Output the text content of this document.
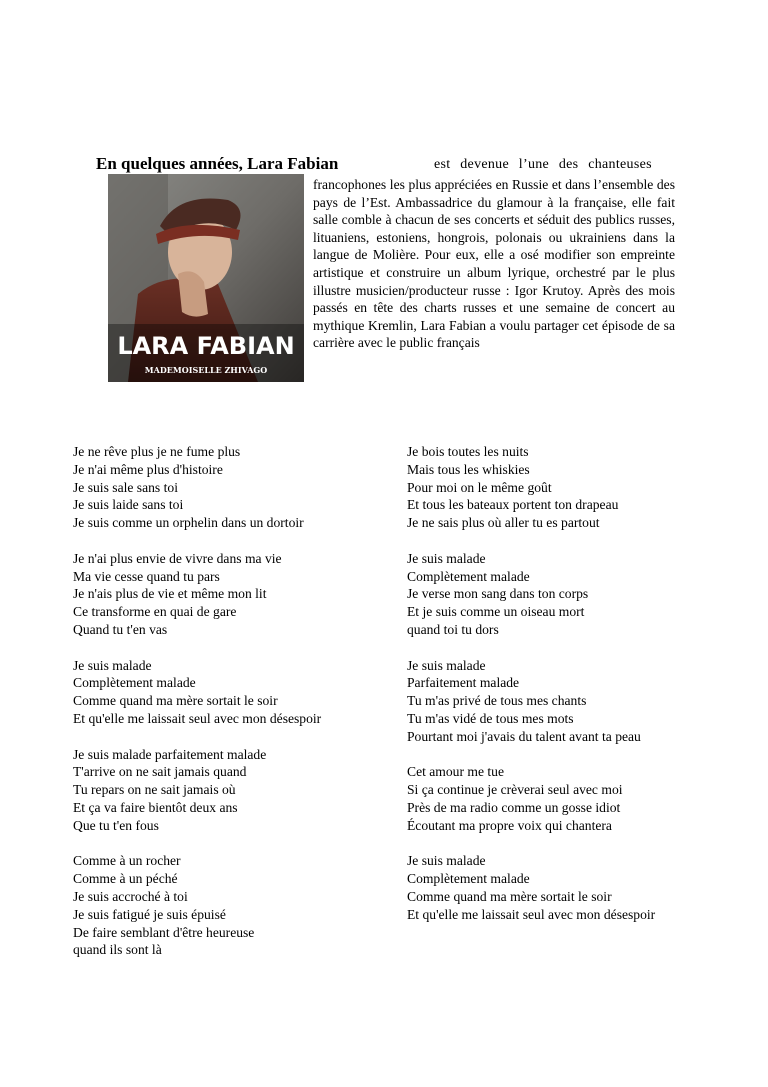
En quelques années, Lara Fabian	est devenue l’une des chanteuses
LARA FABIAN
MADEMOISELLE ZHIVAGO
francophones les plus appréciées en Russie et dans l’ensemble des pays de l’Est. Ambassadrice du glamour à la française, elle fait salle comble à chacun de ses concerts et séduit des publics russes, lituaniens, estoniens, hongrois, polonais ou ukrainiens dans la langue de Molière. Pour eux, elle a osé modifier son empreinte artistique et construire un album lyrique, orchestré par le plus illustre musicien/producteur russe : Igor Krutoy. Après des mois passés en tête des charts russes et une semaine de concert au mythique Kremlin, Lara Fabian a voulu partager cet épisode de sa carrière avec le public français
Je ne rêve plus je ne fume plus
Je n'ai même plus d'histoire
Je suis sale sans toi
Je suis laide sans toi
Je suis comme un orphelin dans un dortoir
Je n'ai plus envie de vivre dans ma vie
Ma vie cesse quand tu pars
Je n'ais plus de vie et même mon lit
Ce transforme en quai de gare
Quand tu t'en vas
Je suis malade
Complètement malade
Comme quand ma mère sortait le soir
Et qu'elle me laissait seul avec mon désespoir
Je suis malade parfaitement malade
T'arrive on ne sait jamais quand
Tu repars on ne sait jamais où
Et ça va faire bientôt deux ans
Que tu t'en fous
Comme à un rocher
Comme à un péché
Je suis accroché à toi
Je suis fatigué je suis épuisé
De faire semblant d'être heureuse
quand ils sont là
Je bois toutes les nuits
Mais tous les whiskies
Pour moi on le même goût
Et tous les bateaux portent ton drapeau
Je ne sais plus où aller tu es partout
Je suis malade
Complètement malade
Je verse mon sang dans ton corps
Et je suis comme un oiseau mort
quand toi tu dors
Je suis malade
Parfaitement malade
Tu m'as privé de tous mes chants
Tu m'as vidé de tous mes mots
Pourtant moi j'avais du talent avant ta peau
Cet amour me tue
Si ça continue je crèverai seul avec moi
Près de ma radio comme un gosse idiot
Écoutant ma propre voix qui chantera
Je suis malade
Complètement malade
Comme quand ma mère sortait le soir
Et qu'elle me laissait seul avec mon désespoir
